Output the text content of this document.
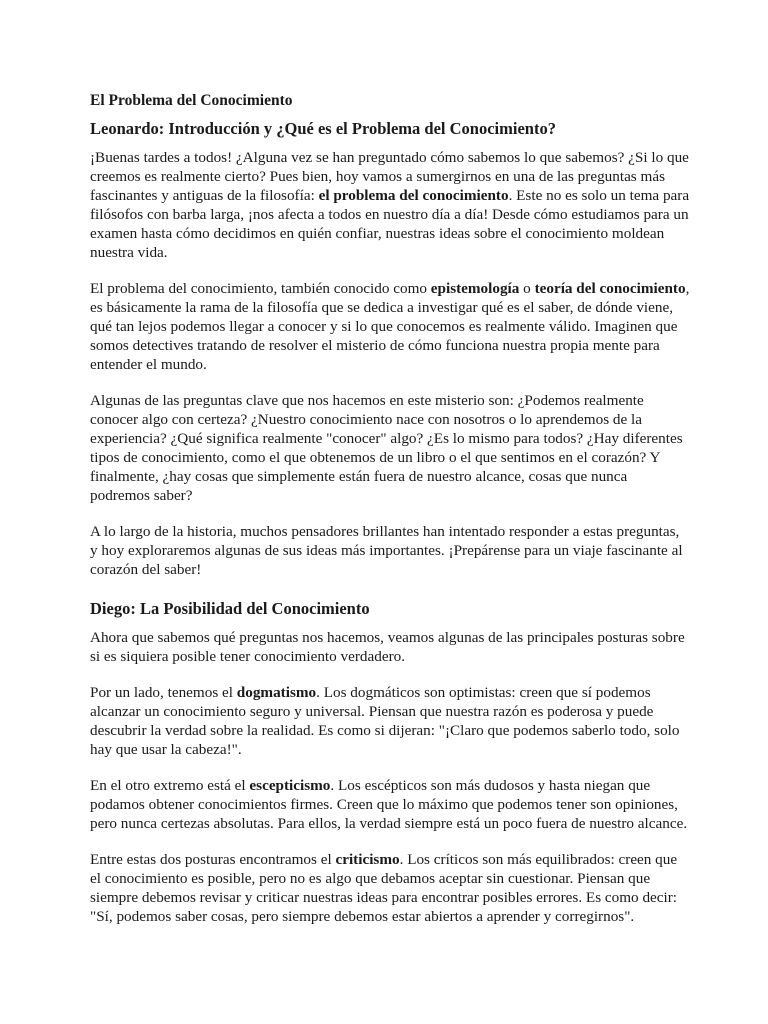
El Problema del Conocimiento
Leonardo: Introducción y ¿Qué es el Problema del Conocimiento?

¡Buenas tardes a todos! ¿Alguna vez se han preguntado cómo sabemos lo que sabemos? ¿Si lo que creemos es realmente cierto? Pues bien, hoy vamos a sumergirnos en una de las preguntas más fascinantes y antiguas de la filosofía: el problema del conocimiento. Este no es solo un tema para filósofos con barba larga, ¡nos afecta a todos en nuestro día a día! Desde cómo estudiamos para un examen hasta cómo decidimos en quién confiar, nuestras ideas sobre el conocimiento moldean nuestra vida.

El problema del conocimiento, también conocido como epistemología o teoría del conocimiento, es básicamente la rama de la filosofía que se dedica a investigar qué es el saber, de dónde viene, qué tan lejos podemos llegar a conocer y si lo que conocemos es realmente válido. Imaginen que somos detectives tratando de resolver el misterio de cómo funciona nuestra propia mente para entender el mundo.

Algunas de las preguntas clave que nos hacemos en este misterio son: ¿Podemos realmente conocer algo con certeza? ¿Nuestro conocimiento nace con nosotros o lo aprendemos de la experiencia? ¿Qué significa realmente "conocer" algo? ¿Es lo mismo para todos? ¿Hay diferentes tipos de conocimiento, como el que obtenemos de un libro o el que sentimos en el corazón? Y finalmente, ¿hay cosas que simplemente están fuera de nuestro alcance, cosas que nunca podremos saber?

A lo largo de la historia, muchos pensadores brillantes han intentado responder a estas preguntas, y hoy exploraremos algunas de sus ideas más importantes. ¡Prepárense para un viaje fascinante al corazón del saber!

Diego: La Posibilidad del Conocimiento

Ahora que sabemos qué preguntas nos hacemos, veamos algunas de las principales posturas sobre si es siquiera posible tener conocimiento verdadero.

Por un lado, tenemos el dogmatismo. Los dogmáticos son optimistas: creen que sí podemos alcanzar un conocimiento seguro y universal. Piensan que nuestra razón es poderosa y puede descubrir la verdad sobre la realidad. Es como si dijeran: "¡Claro que podemos saberlo todo, solo hay que usar la cabeza!".

En el otro extremo está el escepticismo. Los escépticos son más dudosos y hasta niegan que podamos obtener conocimientos firmes. Creen que lo máximo que podemos tener son opiniones, pero nunca certezas absolutas. Para ellos, la verdad siempre está un poco fuera de nuestro alcance.

Entre estas dos posturas encontramos el criticismo. Los críticos son más equilibrados: creen que el conocimiento es posible, pero no es algo que debamos aceptar sin cuestionar. Piensan que siempre debemos revisar y criticar nuestras ideas para encontrar posibles errores. Es como decir: "Sí, podemos saber cosas, pero siempre debemos estar abiertos a aprender y corregirnos".
